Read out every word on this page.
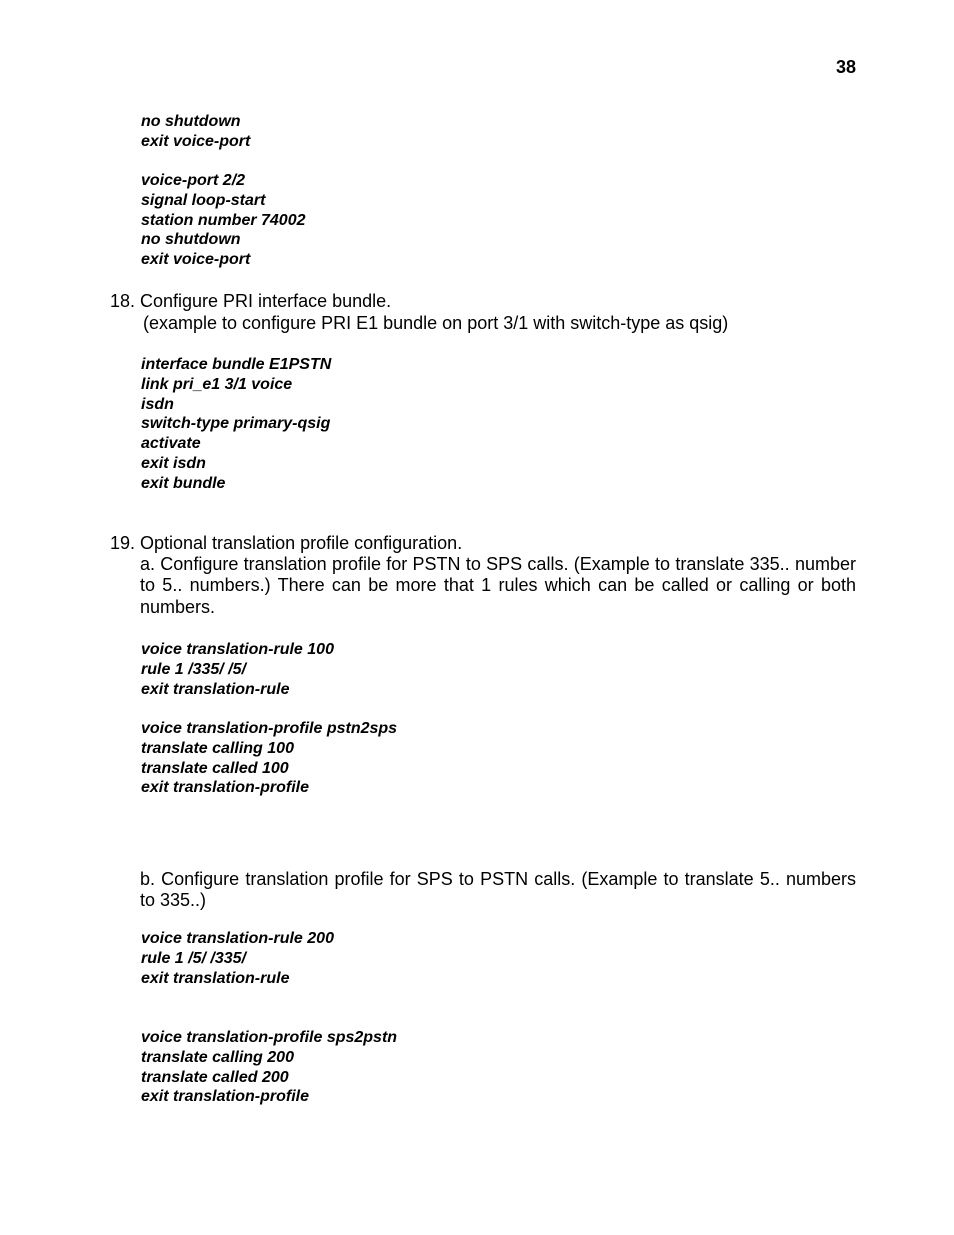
38
no shutdown
exit voice-port
voice-port 2/2
signal loop-start
station number 74002
no shutdown
exit voice-port
18. Configure PRI interface bundle.
(example to configure PRI E1 bundle on port 3/1 with switch-type as qsig)
interface bundle E1PSTN
link pri_e1 3/1 voice
isdn
switch-type primary-qsig
activate
exit isdn
exit bundle
19. Optional translation profile configuration.
a. Configure translation profile for PSTN to SPS calls. (Example to translate 335.. number to 5.. numbers.) There can be more that 1 rules which can be called or calling or both numbers.
voice translation-rule 100
rule 1 /335/ /5/
exit translation-rule
voice translation-profile pstn2sps
translate calling 100
translate called 100
exit translation-profile
b. Configure translation profile for SPS to PSTN calls. (Example to translate 5.. numbers to 335..)
voice translation-rule 200
rule 1 /5/ /335/
exit translation-rule
voice translation-profile sps2pstn
translate calling 200
translate called 200
exit translation-profile
